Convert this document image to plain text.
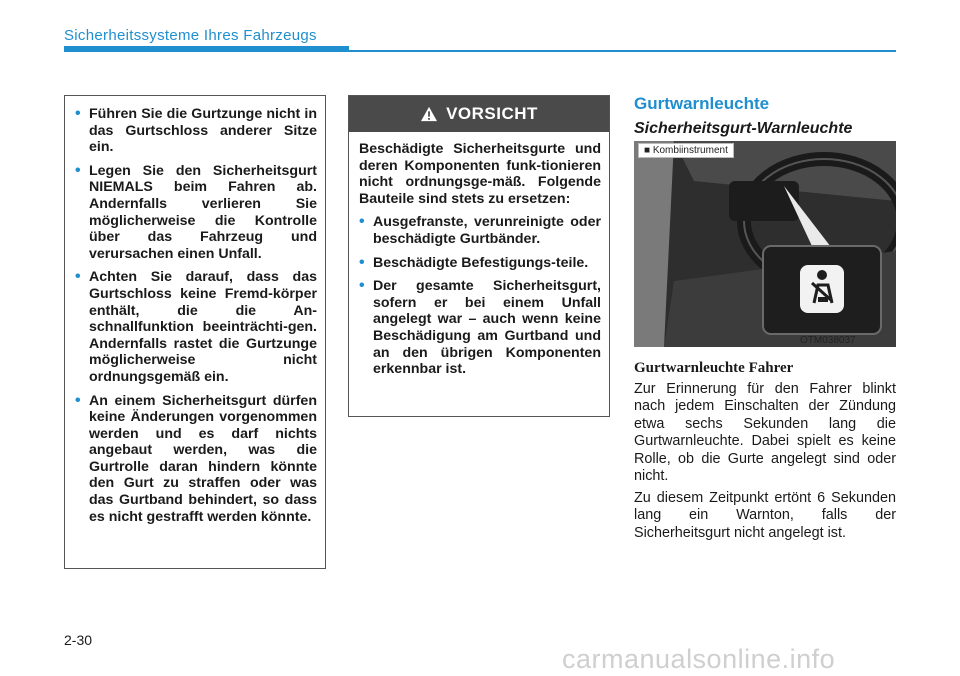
Sicherheitssysteme Ihres Fahrzeugs
• Führen Sie die Gurtzunge nicht in das Gurtschloss anderer Sitze ein.
• Legen Sie den Sicherheitsgurt NIEMALS beim Fahren ab. Andernfalls verlieren Sie möglicherweise die Kontrolle über das Fahrzeug und verursachen einen Unfall.
• Achten Sie darauf, dass das Gurtschloss keine Fremd-körper enthält, die die An-schnallfunktion beeinträchti-gen. Andernfalls rastet die Gurtzunge möglicherweise nicht ordnungsgemäß ein.
• An einem Sicherheitsgurt dürfen keine Änderungen vorgenommen werden und es darf nichts angebaut werden, was die Gurtrolle daran hindern könnte den Gurt zu straffen oder was das Gurtband behindert, so dass es nicht gestrafft werden könnte.
VORSICHT

Beschädigte Sicherheitsgurte und deren Komponenten funk-tionieren nicht ordnungsge-mäß. Folgende Bauteile sind stets zu ersetzen:

• Ausgefranste, verunreinigte oder beschädigte Gurtbänder.
• Beschädigte Befestigungs-teile.
• Der gesamte Sicherheitsgurt, sofern er bei einem Unfall angelegt war – auch wenn keine Beschädigung am Gurtband und an den übrigen Komponenten erkennbar ist.
Gurtwarnleuchte
Sicherheitsgurt-Warnleuchte
■ Kombiinstrument
OTM038037
Gurtwarnleuchte Fahrer

Zur Erinnerung für den Fahrer blinkt nach jedem Einschalten der Zündung etwa sechs Sekunden lang die Gurtwarnleuchte. Dabei spielt es keine Rolle, ob die Gurte angelegt sind oder nicht.

Zu diesem Zeitpunkt ertönt 6 Sekunden lang ein Warnton, falls der Sicherheitsgurt nicht angelegt ist.

2-30
carmanualsonline.info
